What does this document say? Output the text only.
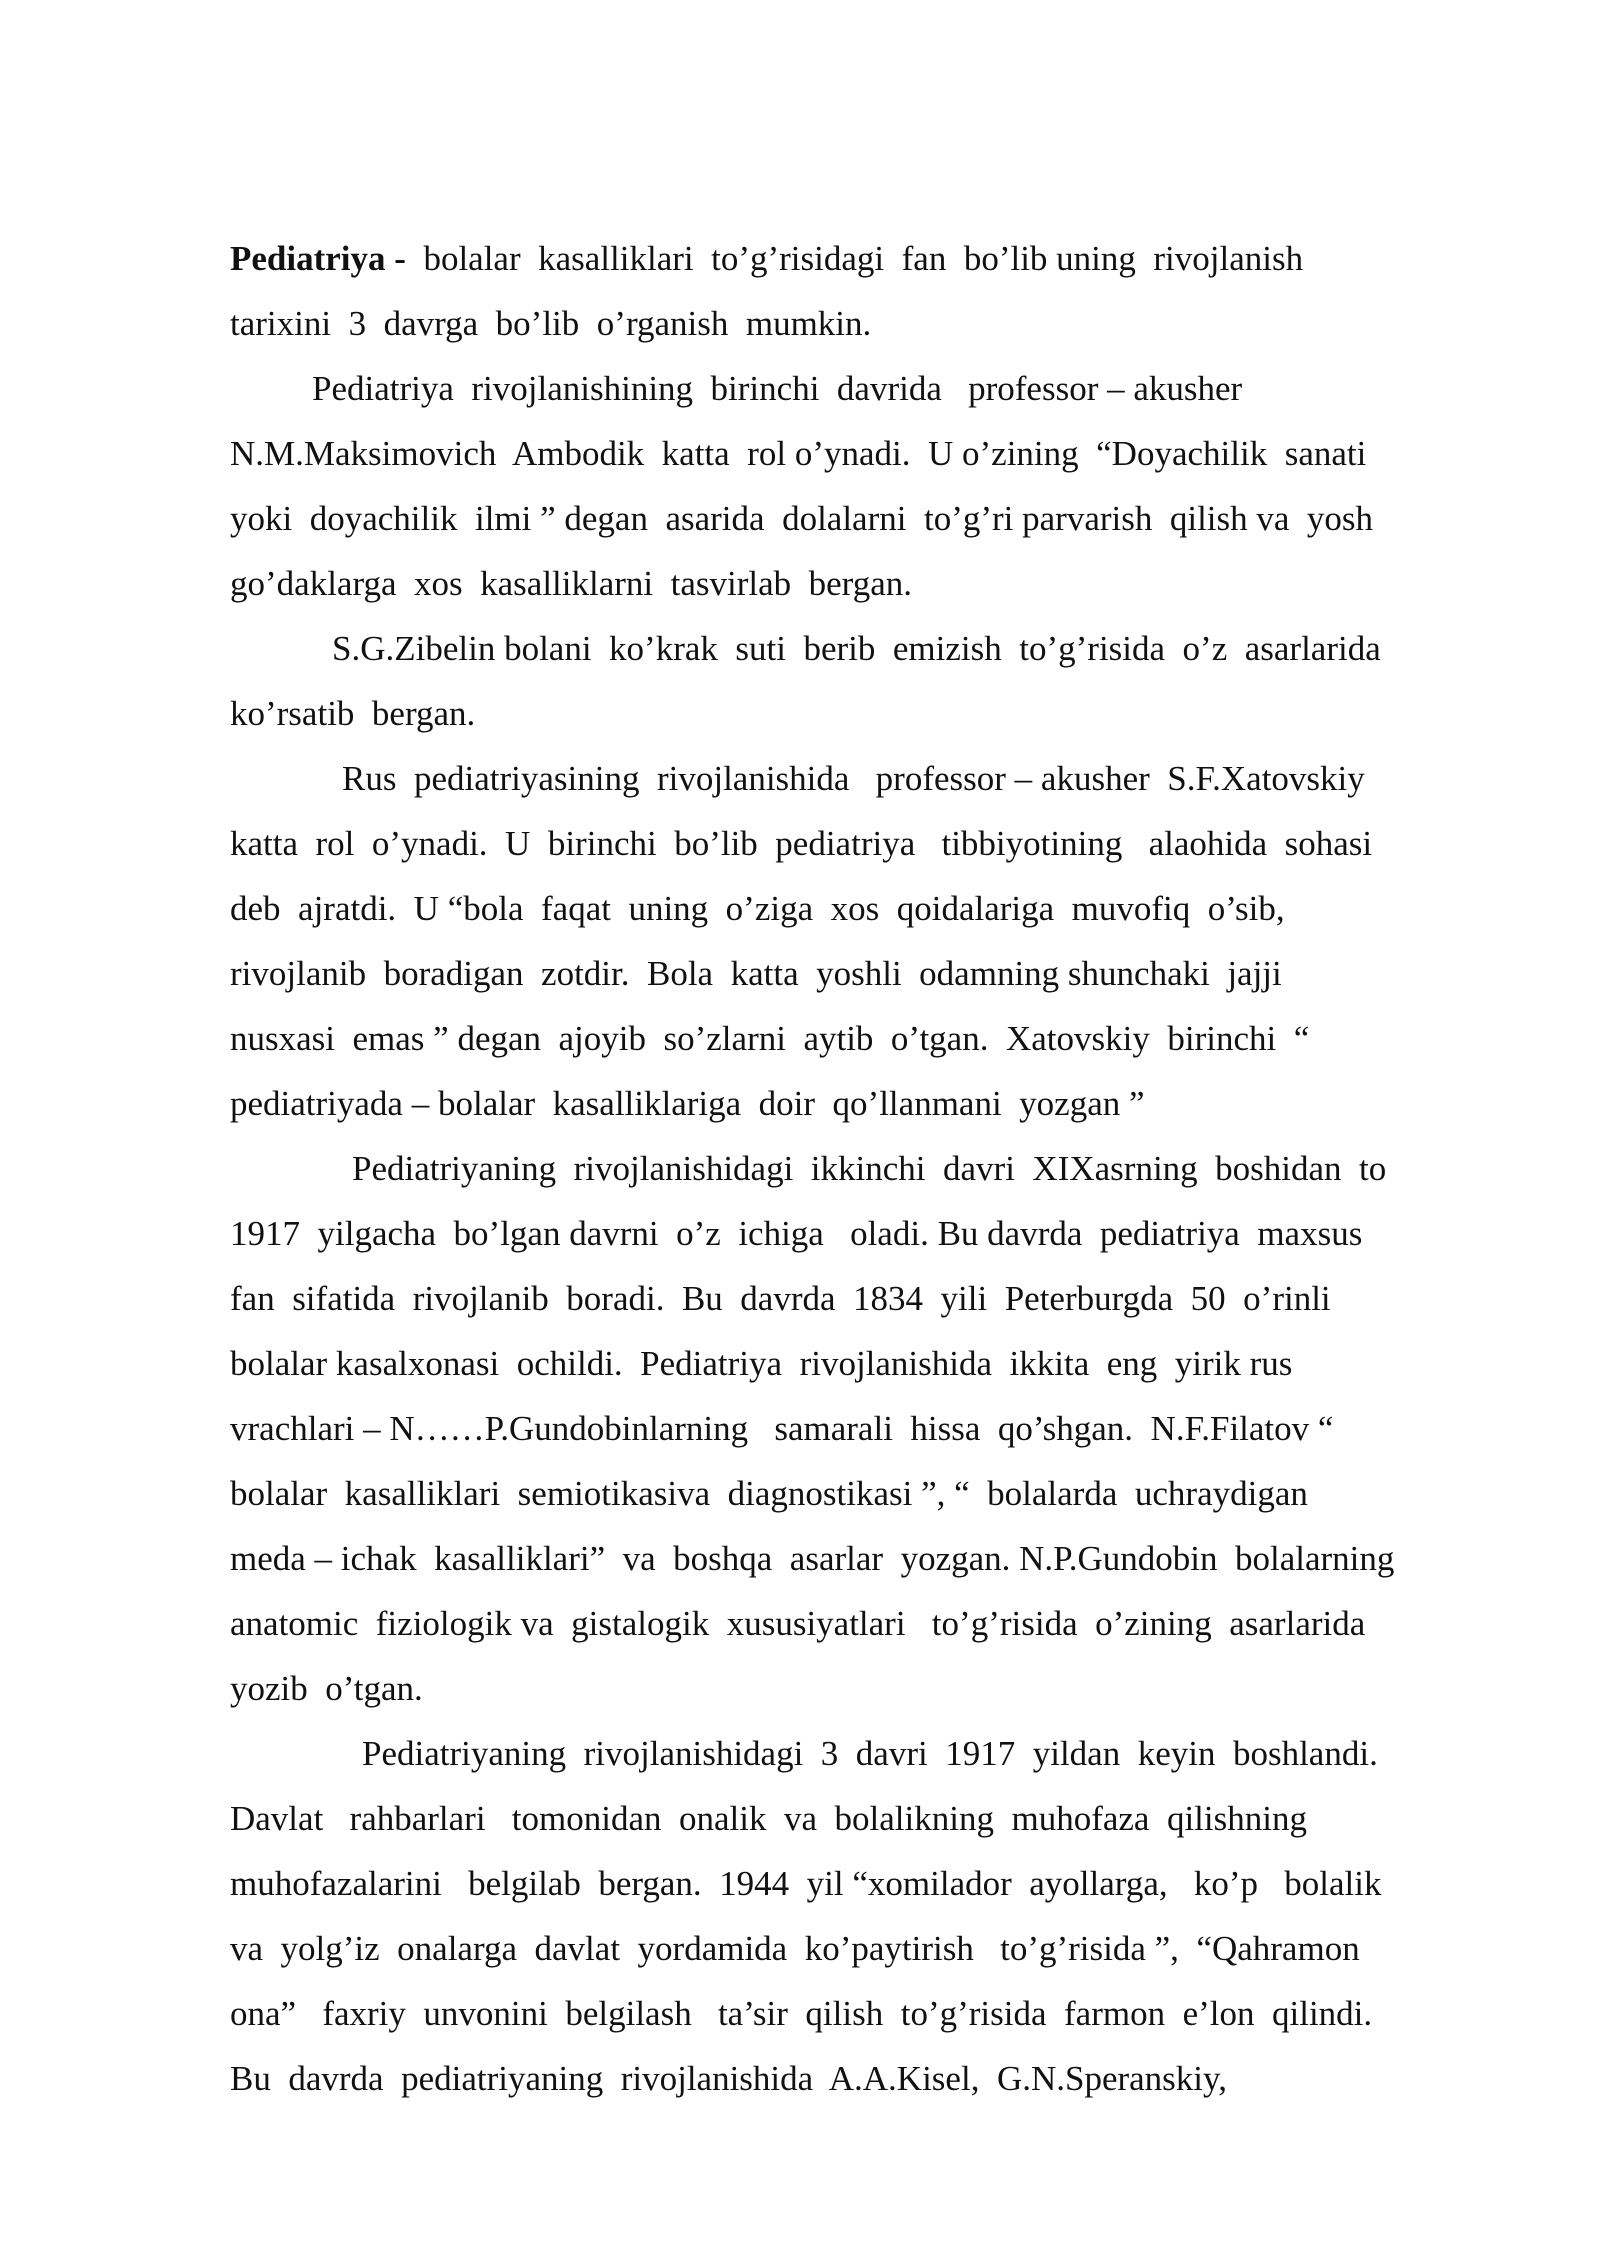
Pediatriya -  bolalar  kasalliklari  to’g’risidagi  fan  bo’lib uning  rivojlanish
tarixini  3  davrga  bo’lib  o’rganish  mumkin.
Pediatriya  rivojlanishining  birinchi  davrida   professor – akusher
N.M.Maksimovich  Ambodik  katta  rol o’ynadi.  U o’zining  “Doyachilik  sanati
yoki  doyachilik  ilmi ” degan  asarida  dolalarni  to’g’ri parvarish  qilish va  yosh
go’daklarga  xos  kasalliklarni  tasvirlab  bergan.
S.G.Zibelin bolani  ko’krak  suti  berib  emizish  to’g’risida  o’z  asarlarida
ko’rsatib  bergan.
Rus  pediatriyasining  rivojlanishida   professor – akusher  S.F.Xatovskiy
katta  rol  o’ynadi.  U  birinchi  bo’lib  pediatriya   tibbiyotining   alaohida  sohasi
deb  ajratdi.  U “bola  faqat  uning  o’ziga  xos  qoidalariga  muvofiq  o’sib,
rivojlanib  boradigan  zotdir.  Bola  katta  yoshli  odamning shunchaki  jajji
nusxasi  emas ” degan  ajoyib  so’zlarni  aytib  o’tgan.  Xatovskiy  birinchi  “
pediatriyada – bolalar  kasalliklariga  doir  qo’llanmani  yozgan ”
Pediatriyaning  rivojlanishidagi  ikkinchi  davri  XIXasrning  boshidan  to
1917  yilgacha  bo’lgan davrni  o’z  ichiga   oladi. Bu davrda  pediatriya  maxsus
fan  sifatida  rivojlanib  boradi.  Bu  davrda  1834  yili  Peterburgda  50  o’rinli
bolalar kasalxonasi  ochildi.  Pediatriya  rivojlanishida  ikkita  eng  yirik rus
vrachlari – N……P.Gundobinlarning   samarali  hissa  qo’shgan.  N.F.Filatov “
bolalar  kasalliklari  semiotikasiva  diagnostikasi ”, “  bolalarda  uchraydigan
meda – ichak  kasalliklari”  va  boshqa  asarlar  yozgan. N.P.Gundobin  bolalarning
anatomic  fiziologik va  gistalogik  xususiyatlari   to’g’risida  o’zining  asarlarida
yozib  o’tgan.
Pediatriyaning  rivojlanishidagi  3  davri  1917  yildan  keyin  boshlandi.
Davlat   rahbarlari   tomonidan  onalik  va  bolalikning  muhofaza  qilishning
muhofazalarini   belgilab  bergan.  1944  yil “xomilador  ayollarga,   ko’p   bolalik
va  yolg’iz  onalarga  davlat  yordamida  ko’paytirish   to’g’risida ”,  “Qahramon
ona”   faxriy  unvonini  belgilash   ta’sir  qilish  to’g’risida  farmon  e’lon  qilindi.
Bu  davrda  pediatriyaning  rivojlanishida  A.A.Kisel,  G.N.Speranskiy,
